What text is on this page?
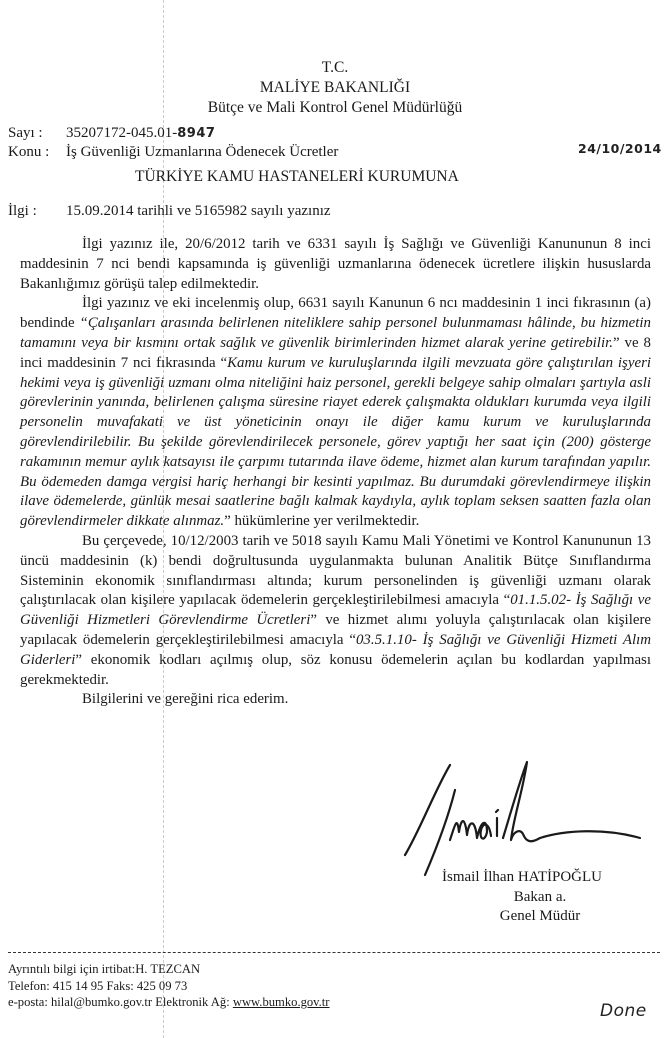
T.C.
MALİYE BAKANLIĞI
Bütçe ve Mali Kontrol Genel Müdürlüğü
Sayı : 35207172-045.01-8947
Konu : İş Güvenliği Uzmanlarına Ödenecek Ücretler	24/10/2014
TÜRKİYE KAMU HASTANELERİ KURUMUNA
İlgi : 15.09.2014 tarihli ve 5165982 sayılı yazınız

İlgi yazınız ile, 20/6/2012 tarih ve 6331 sayılı İş Sağlığı ve Güvenliği Kanununun 8 inci maddesinin 7 nci bendi kapsamında iş güvenliği uzmanlarına ödenecek ücretlere ilişkin hususlarda Bakanlığımız görüşü talep edilmektedir.

İlgi yazınız ve eki incelenmiş olup, 6631 sayılı Kanunun 6 ncı maddesinin 1 inci fıkrasının (a) bendinde “Çalışanları arasında belirlenen niteliklere sahip personel bulunmaması hâlinde, bu hizmetin tamamını veya bir kısmını ortak sağlık ve güvenlik birimlerinden hizmet alarak yerine getirebilir.” ve 8 inci maddesinin 7 nci fıkrasında “Kamu kurum ve kuruluşlarında ilgili mevzuata göre çalıştırılan işyeri hekimi veya iş güvenliği uzmanı olma niteliğini haiz personel, gerekli belgeye sahip olmaları şartıyla asli görevlerinin yanında, belirlenen çalışma süresine riayet ederek çalışmakta oldukları kurumda veya ilgili personelin muvafakati ve üst yöneticinin onayı ile diğer kamu kurum ve kuruluşlarında görevlendirilebilir. Bu şekilde görevlendirilecek personele, görev yaptığı her saat için (200) gösterge rakamının memur aylık katsayısı ile çarpımı tutarında ilave ödeme, hizmet alan kurum tarafından yapılır. Bu ödemeden damga vergisi hariç herhangi bir kesinti yapılmaz. Bu durumdaki görevlendirmeye ilişkin ilave ödemelerde, günlük mesai saatlerine bağlı kalmak kaydıyla, aylık toplam seksen saatten fazla olan görevlendirmeler dikkate alınmaz.” hükümlerine yer verilmektedir.

Bu çerçevede, 10/12/2003 tarih ve 5018 sayılı Kamu Mali Yönetimi ve Kontrol Kanununun 13 üncü maddesinin (k) bendi doğrultusunda uygulanmakta bulunan Analitik Bütçe Sınıflandırma Sisteminin ekonomik sınıflandırması altında; kurum personelinden iş güvenliği uzmanı olarak çalıştırılacak olan kişilere yapılacak ödemelerin gerçekleştirilebilmesi amacıyla “01.1.5.02- İş Sağlığı ve Güvenliği Hizmetleri Görevlendirme Ücretleri” ve hizmet alımı yoluyla çalıştırılacak olan kişilere yapılacak ödemelerin gerçekleştirilebilmesi amacıyla “03.5.1.10- İş Sağlığı ve Güvenliği Hizmeti Alım Giderleri” ekonomik kodları açılmış olup, söz konusu ödemelerin açılan bu kodlardan yapılması gerekmektedir.

Bilgilerini ve gereğini rica ederim.

İsmail İlhan HATİPOĞLU
Bakan a.
Genel Müdür
Ayrıntılı bilgi için irtibat:H. TEZCAN
Telefon: 415 14 95 Faks: 425 09 73
e-posta: hilal@bumko.gov.tr Elektronik Ağ: www.bumko.gov.tr	Done
